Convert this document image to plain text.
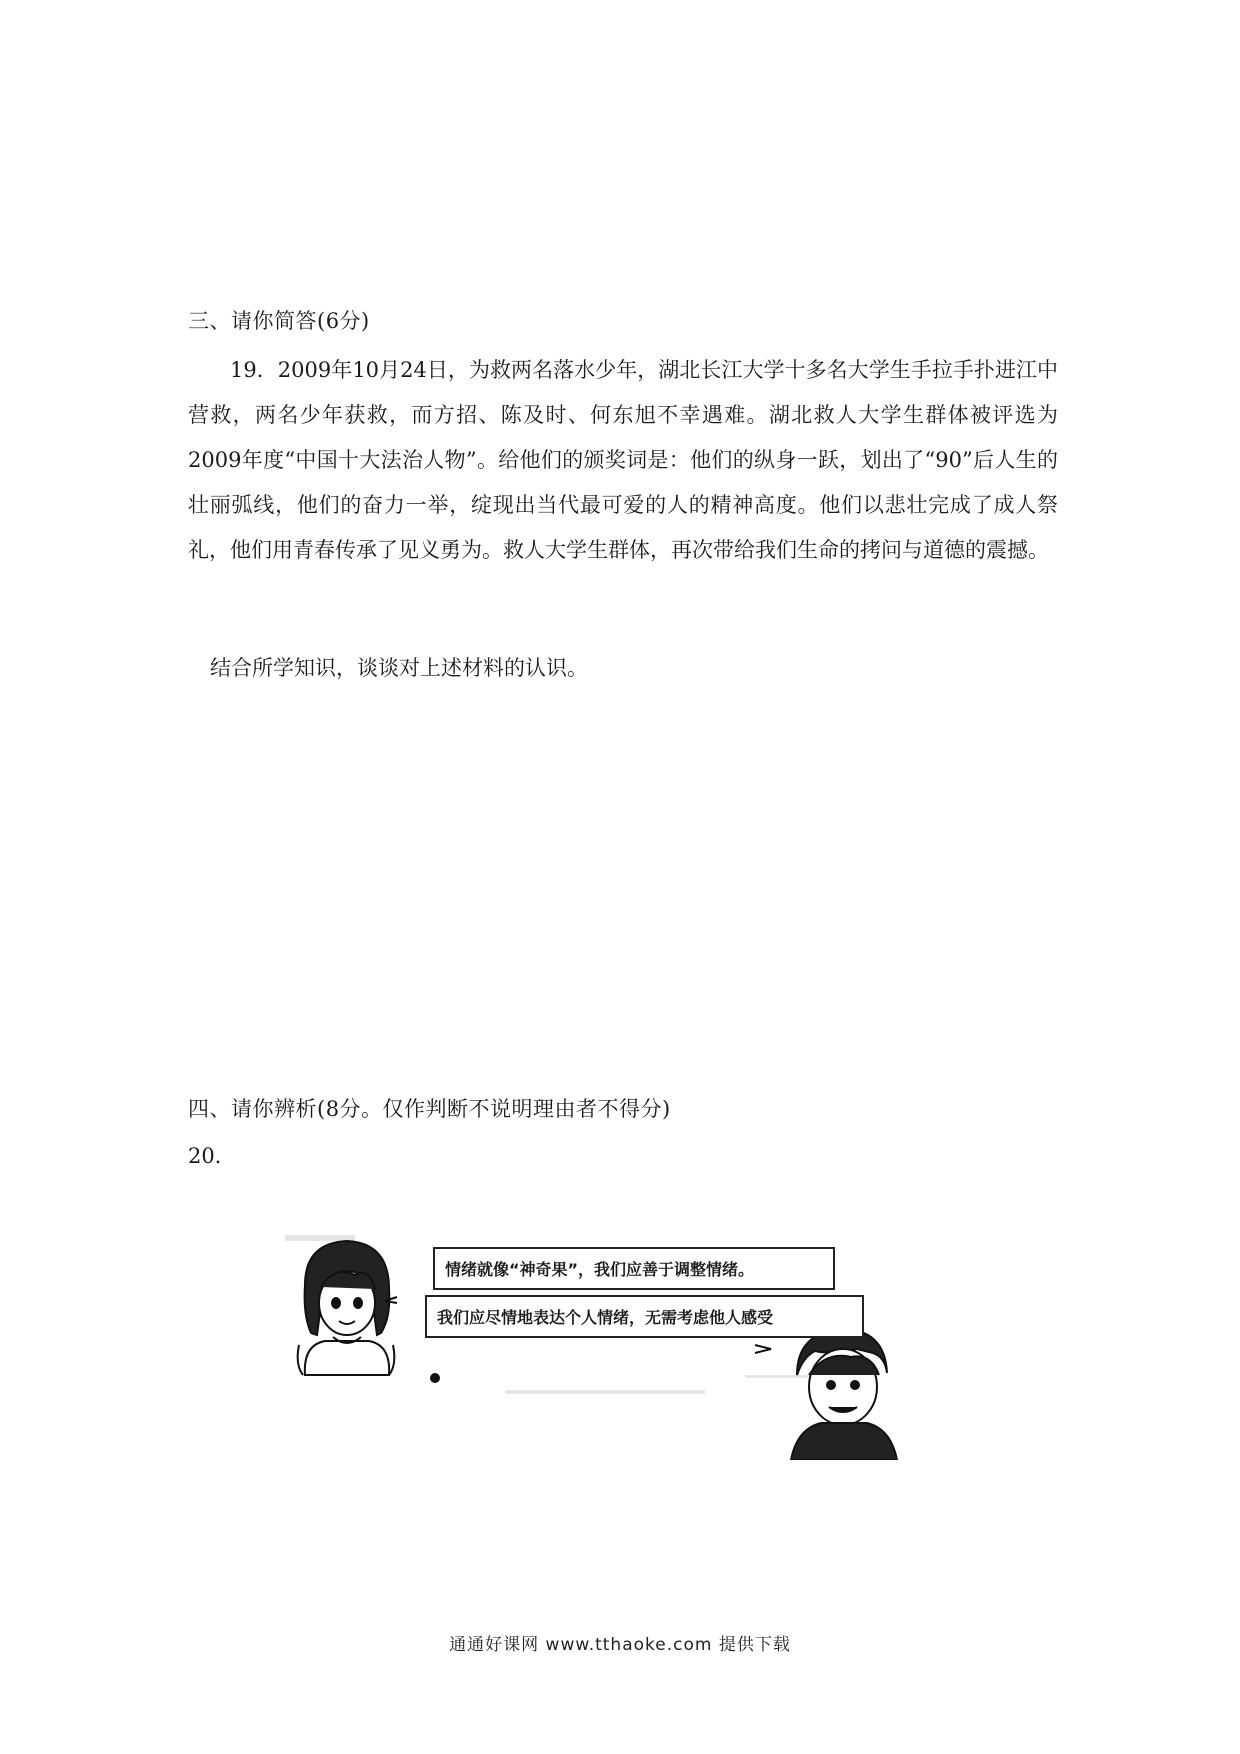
三、请你简答(6分)
19．2009年10月24日，为救两名落水少年，湖北长江大学十多名大学生手拉手扑进江中营救，两名少年获救，而方招、陈及时、何东旭不幸遇难。湖北救人大学生群体被评选为2009年度“中国十大法治人物”。给他们的颁奖词是：他们的纵身一跃，划出了“90”后人生的壮丽弧线，他们的奋力一举，绽现出当代最可爱的人的精神高度。他们以悲壮完成了成人祭礼，他们用青春传承了见义勇为。救人大学生群体，再次带给我们生命的拷问与道德的震撼。
结合所学知识，谈谈对上述材料的认识。
四、请你辨析(8分。仅作判断不说明理由者不得分)
20．
情绪就像“神奇果”，我们应善于调整情绪。
我们应尽情地表达个人情绪，无需考虑他人感受
通通好课网 www.tthaoke.com 提供下载
